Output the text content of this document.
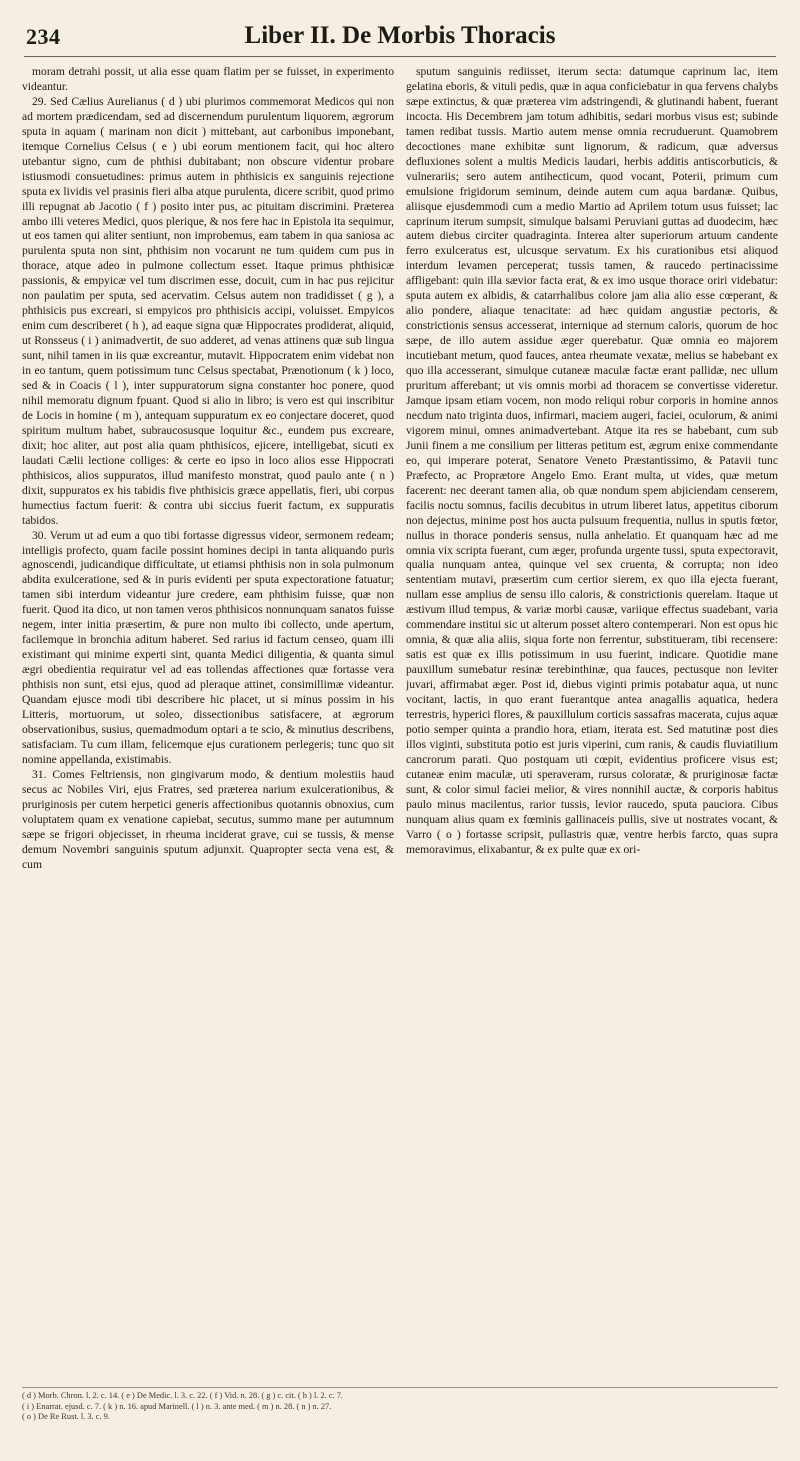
234	Liber II. De Morbis Thoracis

moram detrahi possit, ut alia esse quam flatim per se fuisset, in experimento videantur.

29. Sed Cælius Aurelianus ( d ) ubi plurimos commemorat Medicos qui non ad mortem prædicendam, sed ad discernendum purulentum liquorem, ægrorum sputa in aquam ( marinam non dicit ) mittebant, aut carbonibus imponebant, itemque Cornelius Celsus ( e ) ubi eorum mentionem facit, qui hoc altero utebantur signo, cum de phthisi dubitabant; non obscure videntur probare istiusmodi consuetudines: primus autem in phthisicis ex sanguinis rejectione sputa ex lividis vel prasinis fieri alba atque purulenta, dicere scribit, quod primo illi repugnat ab Jacotio ( f ) posito inter pus, ac pituitam discrimini. Præterea ambo illi veteres Medici, quos plerique, & nos fere hac in Epistola ita sequimur, ut eos tamen qui aliter sentiunt, non improbemus, eam tabem in qua saniosa ac purulenta sputa non sint, phthisim non vocarunt ne tum quidem cum pus in thorace, atque adeo in pulmone collectum esset. Itaque primus phthisicæ passionis, & empyicæ vel tum discrimen esse, docuit, cum in hac pus rejicitur non paulatim per sputa, sed acervatim. Celsus autem non tradidisset ( g ), a phthisicis pus excreari, si empyicos pro phthisicis accipi, voluisset. Empyicos enim cum describeret ( h ), ad eaque signa quæ Hippocrates prodiderat, aliquid, ut Ronsseus ( i ) animadvertit, de suo adderet, ad venas attinens quæ sub lingua sunt, nihil tamen in iis quæ excreantur, mutavit. Hippocratem enim videbat non in eo tantum, quem potissimum tunc Celsus spectabat, Prænotionum ( k ) loco, sed & in Coacis ( l ), inter suppuratorum signa constanter hoc ponere, quod nihil memoratu dignum fpuant. Quod si alio in libro; is vero est qui inscribitur de Locis in homine ( m ), antequam suppuratum ex eo conjectare doceret, quod spiritum multum habet, subraucosusque loquitur &c., eundem pus excreare, dixit; hoc aliter, aut post alia quam phthisicos, ejicere, intelligebat, sicuti ex laudati Cælii lectione colliges: & certe eo ipso in loco alios esse Hippocrati phthisicos, alios suppuratos, illud manifesto monstrat, quod paulo ante ( n ) dixit, suppuratos ex his tabidis five phthisicis græce appellatis, fieri, ubi corpus humectius factum fuerit: & contra ubi siccius fuerit factum, ex suppuratis tabidos.

30. Verum ut ad eum a quo tibi fortasse digressus videor, sermonem redeam; intelligis profecto, quam facile possint homines decipi in tanta aliquando puris agnoscendi, judicandique difficultate, ut etiamsi phthisis non in sola pulmonum abdita exulceratione, sed & in puris evidenti per sputa expectoratione fatuatur; tamen sibi interdum videantur jure credere, eam phthisim fuisse, quæ non fuerit. Quod ita dico, ut non tamen veros phthisicos nonnunquam sanatos fuisse negem, inter initia præsertim, & pure non multo ibi collecto, unde apertum, facilemque in bronchia aditum haberet. Sed rarius id factum censeo, quam illi existimant qui minime experti sint, quanta Medici diligentia, & quanta simul ægri obedientia requiratur vel ad eas tollendas affectiones quæ fortasse vera phthisis non sunt, etsi ejus, quod ad pleraque attinet, consimillimæ videantur. Quandam ejusce modi tibi describere hic placet, ut si minus possim in his Litteris, mortuorum, ut soleo, dissectionibus satisfacere, at ægrorum observationibus, susius, quemadmodum optari a te scio, & minutius describens, satisfaciam. Tu cum illam, felicemque ejus curationem perlegeris; tunc quo sit nomine appellanda, existimabis.

31. Comes Feltriensis, non gingivarum modo, & dentium molestiis haud secus ac Nobiles Viri, ejus Fratres, sed præterea narium exulcerationibus, & pruriginosis per cutem herpetici generis affectionibus quotannis obnoxius, cum voluptatem quam ex venatione capiebat, secutus, summo mane per autumnum sæpe se frigori objecisset, in rheuma inciderat grave, cui se tussis, & mense demum Novembri sanguinis sputum adjunxit. Quapropter secta vena est, & cum

sputum sanguinis rediisset, iterum secta: datumque caprinum lac, item gelatina eboris, & vituli pedis, quæ in aqua conficiebatur in qua fervens chalybs sæpe extinctus, & quæ præterea vim adstringendi, & glutinandi habent, fuerant incocta. His Decembrem jam totum adhibitis, sedari morbus visus est; subinde tamen redibat tussis. Martio autem mense omnia recruduerunt. Quamobrem decoctiones mane exhibitæ sunt lignorum, & radicum, quæ adversus defluxiones solent a multis Medicis laudari, herbis additis antiscorbuticis, & vulnerariis; sero autem antihecticum, quod vocant, Poterii, primum cum emulsione frigidorum seminum, deinde autem cum aqua bardanæ. Quibus, aliisque ejusdemmodi cum a medio Martio ad Aprilem totum usus fuisset; lac caprinum iterum sumpsit, simulque balsami Peruviani guttas ad duodecim, hæc autem diebus circiter quadraginta. Interea alter superiorum artuum candente ferro exulceratus est, ulcusque servatum. Ex his curationibus etsi aliquod interdum levamen perceperat; tussis tamen, & raucedo pertinacissime affligebant: quin illa sævior facta erat, & ex imo usque thorace oriri videbatur: sputa autem ex albidis, & catarrhalibus colore jam alia alio esse cœperant, & alio pondere, aliaque tenacitate: ad hæc quidam angustiæ pectoris, & constrictionis sensus accesserat, internique ad sternum caloris, quorum de hoc sæpe, de illo autem assidue æger querebatur. Quæ omnia eo majorem incutiebant metum, quod fauces, antea rheumate vexatæ, melius se habebant ex quo illa accesserant, simulque cutaneæ maculæ factæ erant pallidæ, nec ullum pruritum afferebant; ut vis omnis morbi ad thoracem se convertisse videretur. Jamque ipsam etiam vocem, non modo reliqui robur corporis in homine annos necdum nato triginta duos, infirmari, maciem augeri, faciei, oculorum, & animi vigorem minui, omnes animadvertebant. Atque ita res se habebant, cum sub Junii finem a me consilium per litteras petitum est, ægrum enixe commendante eo, qui imperare poterat, Senatore Veneto Præstantissimo, & Patavii tunc Præfecto, ac Proprætore Angelo Emo. Erant multa, ut vides, quæ metum facerent: nec deerant tamen alia, ob quæ nondum spem abjiciendam censerem, facilis noctu somnus, facilis decubitus in utrum liberet latus, appetitus ciborum non dejectus, minime post hos aucta pulsuum frequentia, nullus in sputis fœtor, nullus in thorace ponderis sensus, nulla anhelatio. Et quanquam hæc ad me omnia vix scripta fuerant, cum æger, profunda urgente tussi, sputa expectoravit, qualia nunquam antea, quinque vel sex cruenta, & corrupta; non ideo sententiam mutavi, præsertim cum certior sierem, ex quo illa ejecta fuerant, nullam esse amplius de sensu illo caloris, & constrictionis querelam. Itaque ut æstivum illud tempus, & variæ morbi causæ, variique effectus suadebant, varia commendare institui sic ut alterum posset altero contemperari. Non est opus hic omnia, & quæ alia aliis, siqua forte non ferrentur, substitueram, tibi recensere: satis est quæ ex illis potissimum in usu fuerint, indicare. Quotidie mane pauxillum sumebatur resinæ terebinthinæ, qua fauces, pectusque non leviter juvari, affirmabat æger. Post id, diebus viginti primis potabatur aqua, ut nunc vocitant, lactis, in quo erant fuerantque antea anagallis aquatica, hedera terrestris, hyperici flores, & pauxillulum corticis sassafras macerata, cujus aquæ potio semper quinta a prandio hora, etiam, iterata est. Sed matutinæ post dies illos viginti, substituta potio est juris viperini, cum ranis, & caudis fluviatilium cancrorum parati. Quo postquam uti cœpit, evidentius proficere visus est; cutaneæ enim maculæ, uti speraveram, rursus coloratæ, & pruriginosæ factæ sunt, & color simul faciei melior, & vires nonnihil auctæ, & corporis habitus paulo minus macilentus, rarior tussis, levior raucedo, sputa pauciora. Cibus nunquam alius quam ex fœminis gallinaceis pullis, sive ut nostrates vocant, & Varro ( o ) fortasse scripsit, pullastris quæ, ventre herbis farcto, quas supra memoravimus, elixabantur, & ex pulte quæ ex ori-

( d ) Morb. Chron. l. 2. c. 14. ( e ) De Medic. l. 3. c. 22. ( f ) Vid. n. 28. ( g ) c. cit. ( h ) l. 2. c. 7.
( i ) Enarrat. ejusd. c. 7. ( k ) n. 16. apud Marinell. ( l ) n. 3. ante med. ( m ) n. 28. ( n ) n. 27.
( o ) De Re Rust. l. 3. c. 9.
